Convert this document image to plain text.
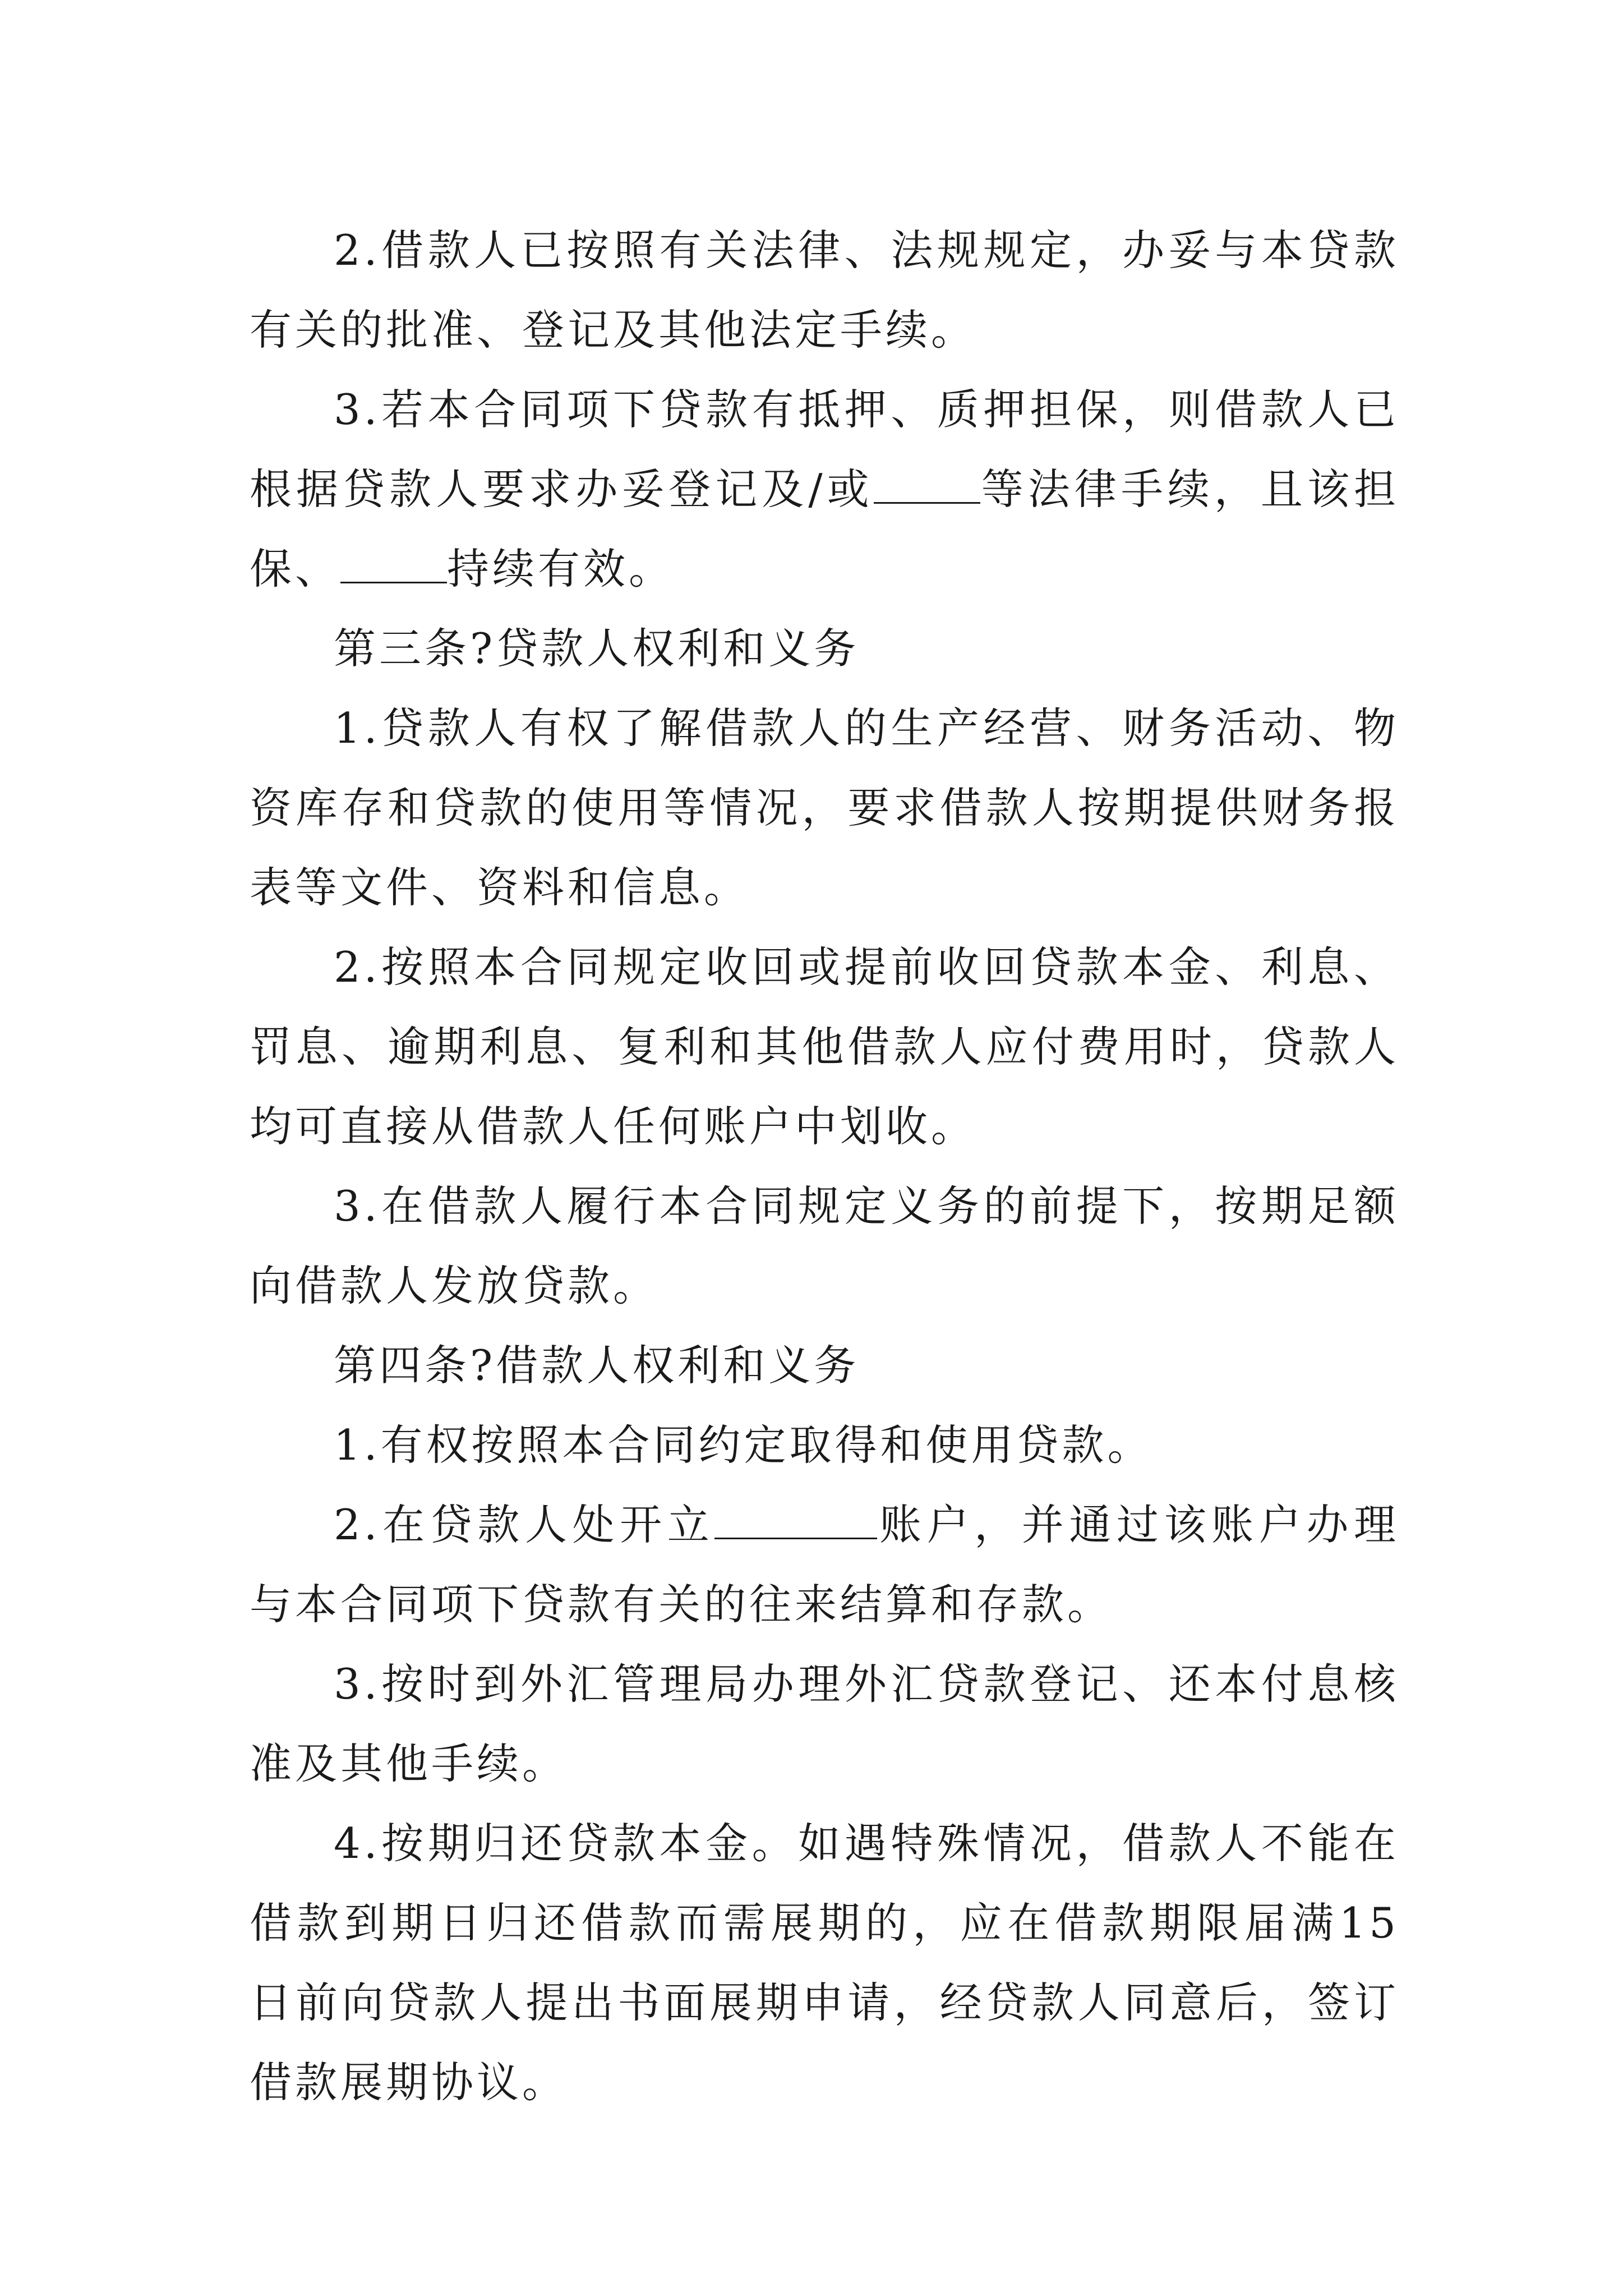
2.借款人已按照有关法律、法规规定，办妥与本贷款有关的批准、登记及其他法定手续。

3.若本合同项下贷款有抵押、质押担保，则借款人已根据贷款人要求办妥登记及/或	等法律手续，且该担保、	持续有效。

第三条?贷款人权利和义务

1.贷款人有权了解借款人的生产经营、财务活动、物资库存和贷款的使用等情况，要求借款人按期提供财务报表等文件、资料和信息。

2.按照本合同规定收回或提前收回贷款本金、利息、罚息、逾期利息、复利和其他借款人应付费用时，贷款人均可直接从借款人任何账户中划收。

3.在借款人履行本合同规定义务的前提下，按期足额向借款人发放贷款。

第四条?借款人权利和义务

1.有权按照本合同约定取得和使用贷款。

2.在贷款人处开立	账户，并通过该账户办理与本合同项下贷款有关的往来结算和存款。

3.按时到外汇管理局办理外汇贷款登记、还本付息核准及其他手续。

4.按期归还贷款本金。如遇特殊情况，借款人不能在借款到期日归还借款而需展期的，应在借款期限届满15日前向贷款人提出书面展期申请，经贷款人同意后，签订借款展期协议。
